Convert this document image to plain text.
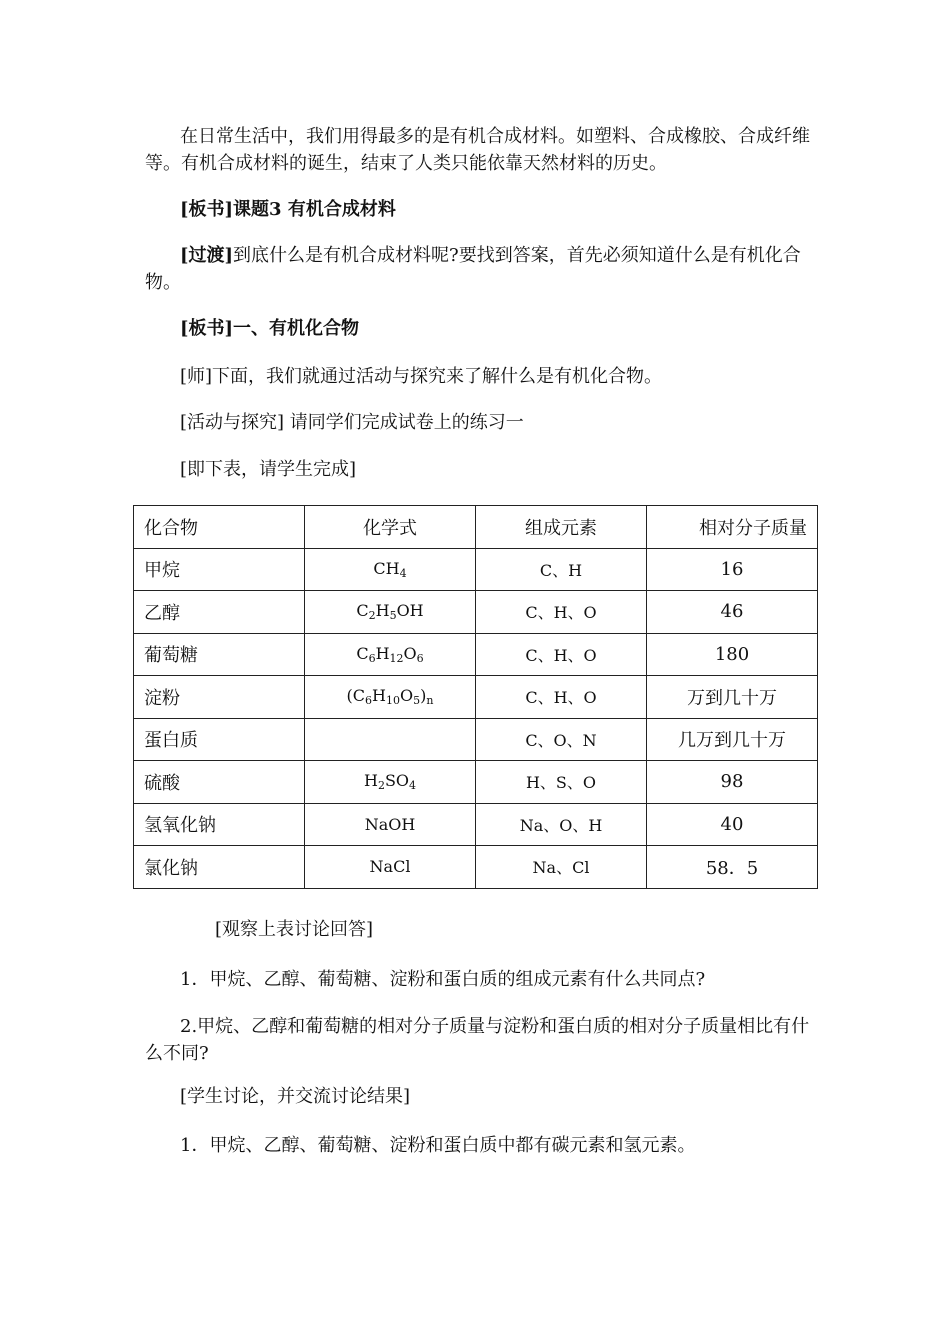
在日常生活中，我们用得最多的是有机合成材料。如塑料、合成橡胶、合成纤维等。有机合成材料的诞生，结束了人类只能依靠天然材料的历史。

[板书]课题3 有机合成材料

[过渡]到底什么是有机合成材料呢?要找到答案，首先必须知道什么是有机化合物。

[板书]一、有机化合物

[师]下面，我们就通过活动与探究来了解什么是有机化合物。

[活动与探究] 请同学们完成试卷上的练习一

[即下表，请学生完成]

化合物	化学式	组成元素	相对分子质量
甲烷	$CH_4$	C、H	16
乙醇	$C_2H_5OH$	C、H、O	46
葡萄糖	$C_6H_{12}O_6$	C、H、O	180
淀粉	$(C_6H_{10}O_5)_n$	C、H、O	万到几十万
蛋白质		C、O、N	几万到几十万
硫酸	$H_2SO_4$	H、S、O	98
氢氧化钠	NaOH	Na、O、H	40
氯化钠	NaCl	Na、Cl	58．5

[观察上表讨论回答]

1．甲烷、乙醇、葡萄糖、淀粉和蛋白质的组成元素有什么共同点?

2.甲烷、乙醇和葡萄糖的相对分子质量与淀粉和蛋白质的相对分子质量相比有什么不同?

[学生讨论，并交流讨论结果]

1．甲烷、乙醇、葡萄糖、淀粉和蛋白质中都有碳元素和氢元素。
